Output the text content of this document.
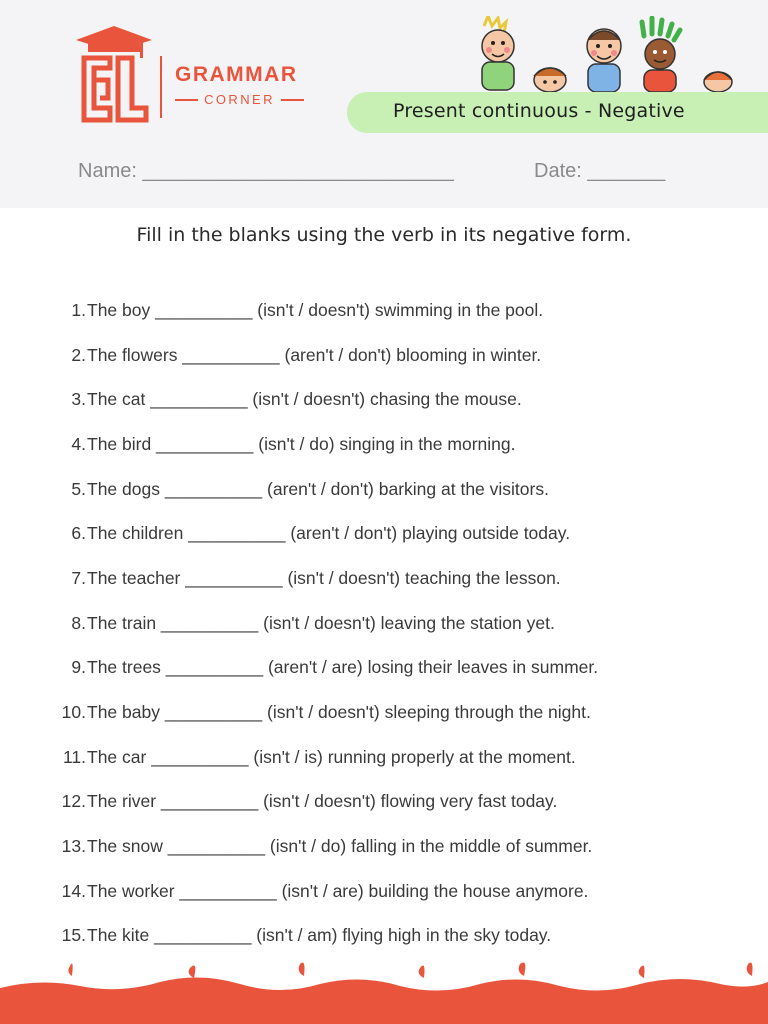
GRAMMAR
CORNER
Present continuous - Negative
Name: ____________________________	Date: _______
Fill in the blanks using the verb in its negative form.
1. The boy __________ (isn't / doesn't) swimming in the pool.
2. The flowers __________ (aren't / don't) blooming in winter.
3. The cat __________ (isn't / doesn't) chasing the mouse.
4. The bird __________ (isn't / do) singing in the morning.
5. The dogs __________ (aren't / don't) barking at the visitors.
6. The children __________ (aren't / don't) playing outside today.
7. The teacher __________ (isn't / doesn't) teaching the lesson.
8. The train __________ (isn't / doesn't) leaving the station yet.
9. The trees __________ (aren't / are) losing their leaves in summer.
10. The baby __________ (isn't / doesn't) sleeping through the night.
11. The car __________ (isn't / is) running properly at the moment.
12. The river __________ (isn't / doesn't) flowing very fast today.
13. The snow __________ (isn't / do) falling in the middle of summer.
14. The worker __________ (isn't / are) building the house anymore.
15. The kite __________ (isn't / am) flying high in the sky today.
